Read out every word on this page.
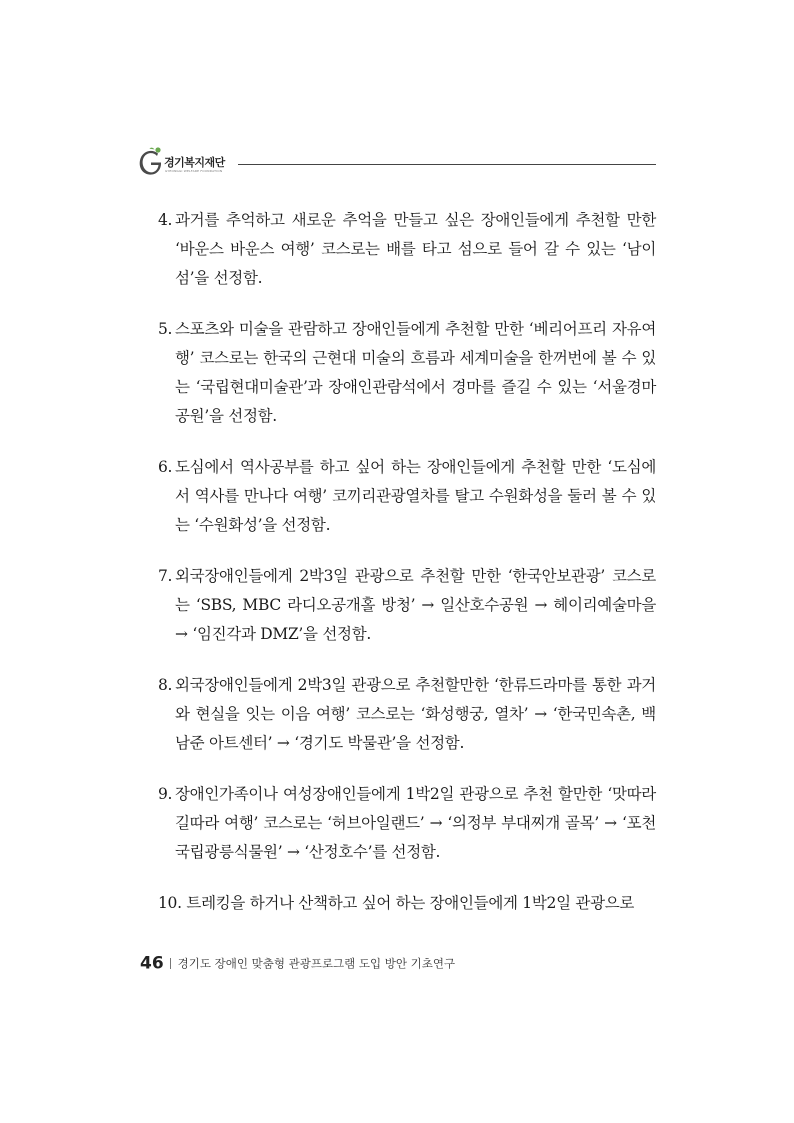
경기복지재단
GYEONGGI WELFARE FOUNDATION
4. 과거를 추억하고 새로운 추억을 만들고 싶은 장애인들에게 추천할 만한 ‘바운스 바운스 여행’ 코스로는 배를 타고 섬으로 들어 갈 수 있는 ‘남이섬’을 선정함.
5. 스포츠와 미술을 관람하고 장애인들에게 추천할 만한 ‘베리어프리 자유여행’ 코스로는 한국의 근현대 미술의 흐름과 세계미술을 한꺼번에 볼 수 있는 ‘국립현대미술관’과 장애인관람석에서 경마를 즐길 수 있는 ‘서울경마공원’을 선정함.
6. 도심에서 역사공부를 하고 싶어 하는 장애인들에게 추천할 만한 ‘도심에서 역사를 만나다 여행’ 코끼리관광열차를 탈고 수원화성을 둘러 볼 수 있는 ‘수원화성’을 선정함.
7. 외국장애인들에게 2박3일 관광으로 추천할 만한 ‘한국안보관광’ 코스로는 ‘SBS, MBC 라디오공개홀 방청’ → 일산호수공원 → 헤이리예술마을 → ‘임진각과 DMZ’을 선정함.
8. 외국장애인들에게 2박3일 관광으로 추천할만한 ‘한류드라마를 통한 과거와 현실을 잇는 이음 여행’ 코스로는 ‘화성행궁, 열차’ → ‘한국민속촌, 백남준 아트센터’ → ‘경기도 박물관’을 선정함.
9. 장애인가족이나 여성장애인들에게 1박2일 관광으로 추천 할만한 ‘맛따라 길따라 여행’ 코스로는 ‘허브아일랜드’ → ‘의정부 부대찌개 골목’ → ‘포천국립광릉식물원’ → ‘산정호수’를 선정함.
10. 트레킹을 하거나 산책하고 싶어 하는 장애인들에게 1박2일 관광으로
46 경기도 장애인 맞춤형 관광프로그램 도입 방안 기초연구
